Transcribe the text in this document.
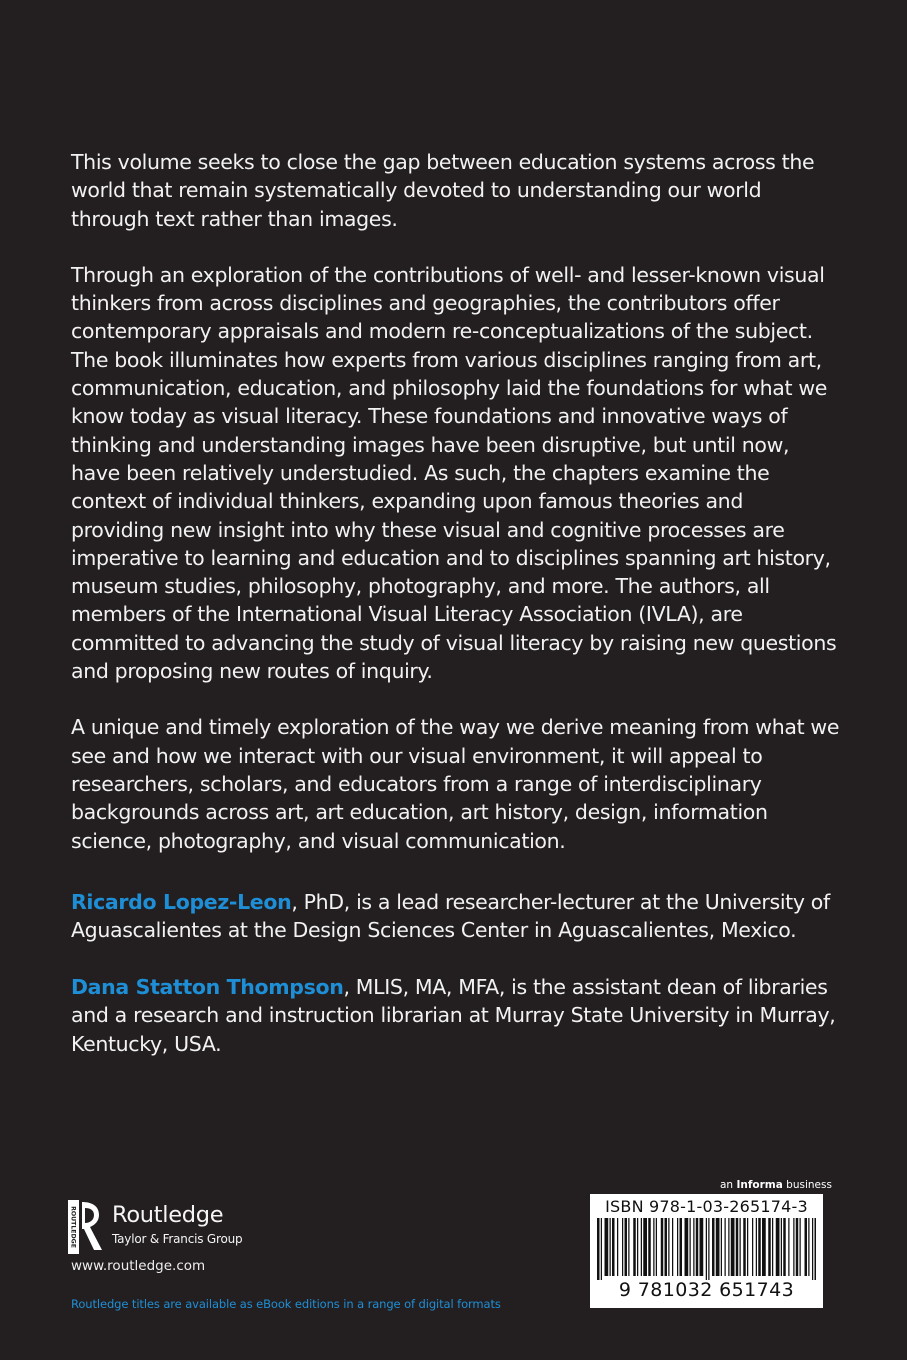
This volume seeks to close the gap between education systems across the world that remain systematically devoted to understanding our world through text rather than images.

Through an exploration of the contributions of well- and lesser-known visual thinkers from across disciplines and geographies, the contributors offer contemporary appraisals and modern re-conceptualizations of the subject. The book illuminates how experts from various disciplines ranging from art, communication, education, and philosophy laid the foundations for what we know today as visual literacy. These foundations and innovative ways of thinking and understanding images have been disruptive, but until now, have been relatively understudied. As such, the chapters examine the context of individual thinkers, expanding upon famous theories and providing new insight into why these visual and cognitive processes are imperative to learning and education and to disciplines spanning art history, museum studies, philosophy, photography, and more. The authors, all members of the International Visual Literacy Association (IVLA), are committed to advancing the study of visual literacy by raising new questions and proposing new routes of inquiry.

A unique and timely exploration of the way we derive meaning from what we see and how we interact with our visual environment, it will appeal to researchers, scholars, and educators from a range of interdisciplinary backgrounds across art, art education, art history, design, information science, photography, and visual communication.

Ricardo Lopez-Leon, PhD, is a lead researcher-lecturer at the University of Aguascalientes at the Design Sciences Center in Aguascalientes, Mexico.

Dana Statton Thompson, MLIS, MA, MFA, is the assistant dean of libraries and a research and instruction librarian at Murray State University in Murray, Kentucky, USA.

ROUTLEDGE Routledge
Taylor & Francis Group
www.routledge.com
Routledge titles are available as eBook editions in a range of digital formats
an Informa business
ISBN 978-1-03-265174-3
9 781032 651743
